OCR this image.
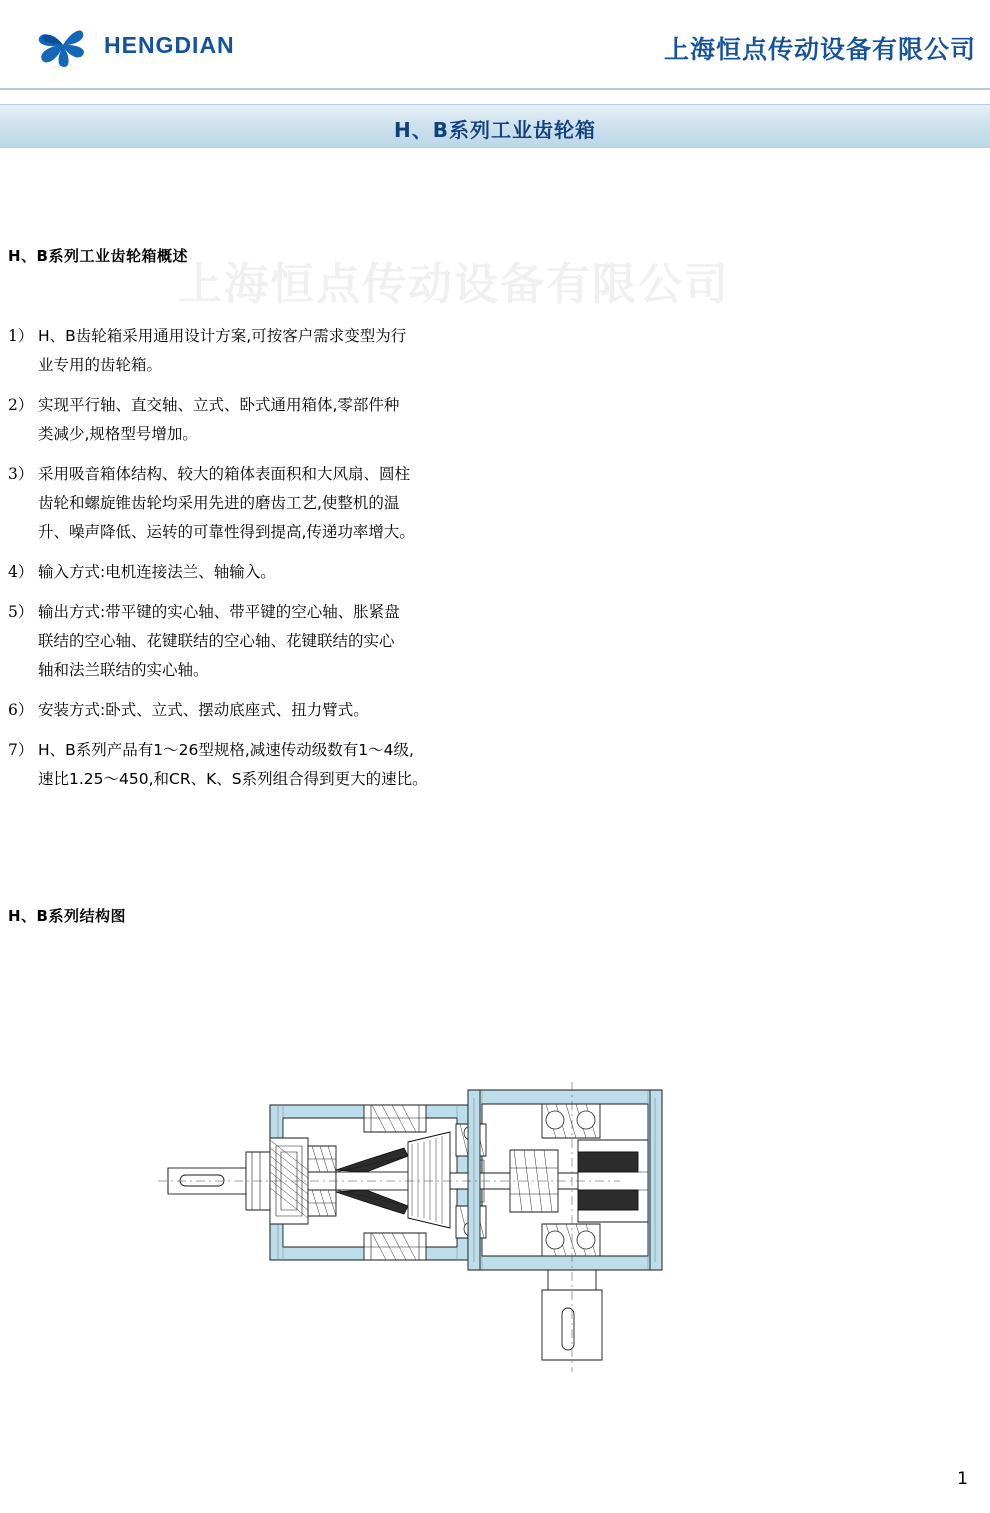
HENGDIAN	上海恒点传动设备有限公司
H、B系列工业齿轮箱
上海恒点传动设备有限公司
H、B系列工业齿轮箱概述
H、B系列结构图
1） H、B齿轮箱采用通用设计方案,可按客户需求变型为行
业专用的齿轮箱。
2） 实现平行轴、直交轴、立式、卧式通用箱体,零部件种
类减少,规格型号增加。
3） 采用吸音箱体结构、较大的箱体表面积和大风扇、圆柱
齿轮和螺旋锥齿轮均采用先进的磨齿工艺,使整机的温
升、噪声降低、运转的可靠性得到提高,传递功率增大。
4） 输入方式:电机连接法兰、轴输入。
5） 输出方式:带平键的实心轴、带平键的空心轴、胀紧盘
联结的空心轴、花键联结的空心轴、花键联结的实心
轴和法兰联结的实心轴。
6） 安装方式:卧式、立式、摆动底座式、扭力臂式。
7） H、B系列产品有1～26型规格,减速传动级数有1～4级,
速比1.25～450,和CR、K、S系列组合得到更大的速比。
1
